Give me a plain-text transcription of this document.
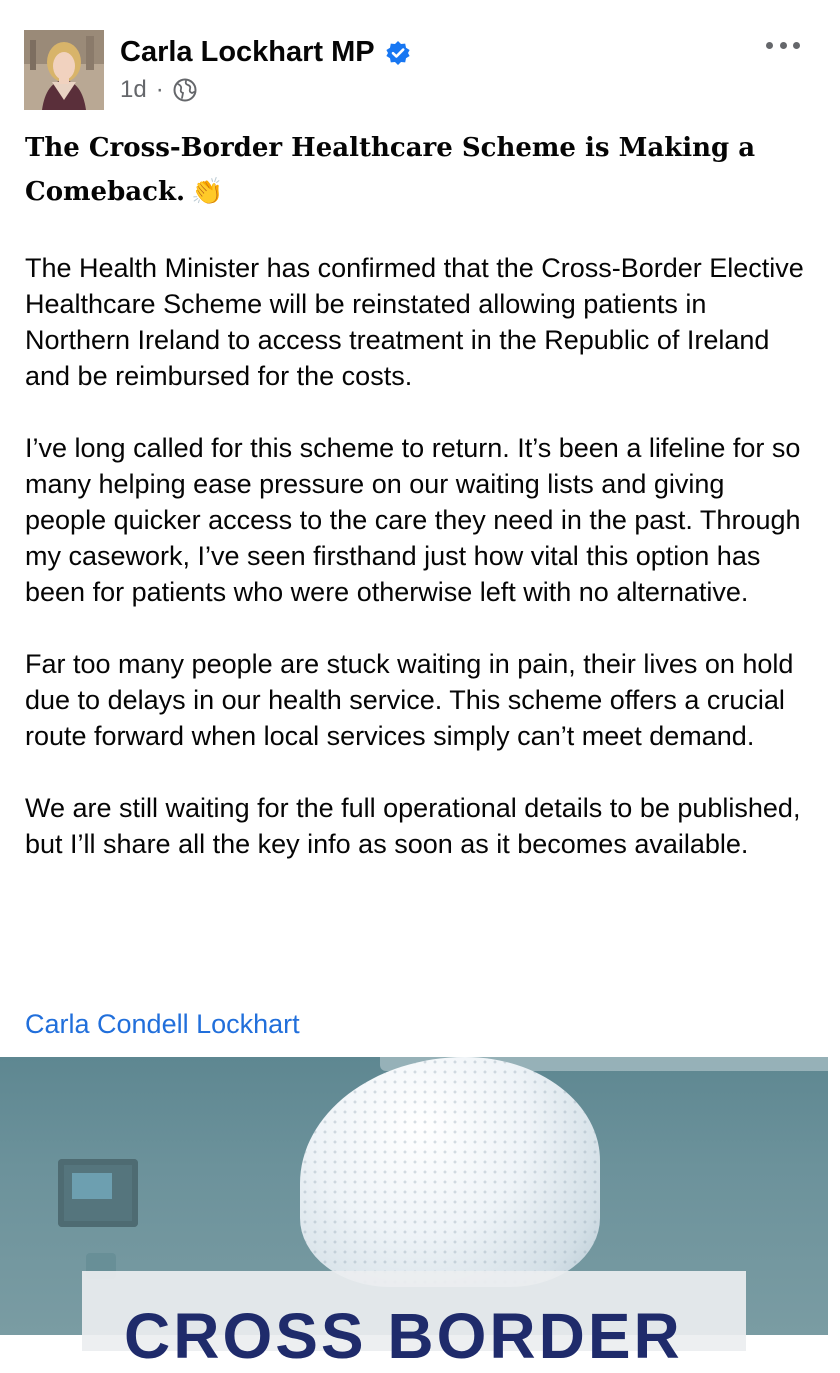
Carla Lockhart MP
1d ·
The Cross-Border Healthcare Scheme is Making a Comeback. 👏

The Health Minister has confirmed that the Cross-Border Elective Healthcare Scheme will be reinstated allowing patients in Northern Ireland to access treatment in the Republic of Ireland and be reimbursed for the costs.

I’ve long called for this scheme to return. It’s been a lifeline for so many helping ease pressure on our waiting lists and giving people quicker access to the care they need in the past. Through my casework, I’ve seen firsthand just how vital this option has been for patients who were otherwise left with no alternative.

Far too many people are stuck waiting in pain, their lives on hold due to delays in our health service. This scheme offers a crucial route forward when local services simply can’t meet demand.

We are still waiting for the full operational details to be published, but I’ll share all the key info as soon as it becomes available.

Carla Condell Lockhart
CROSS BORDER
